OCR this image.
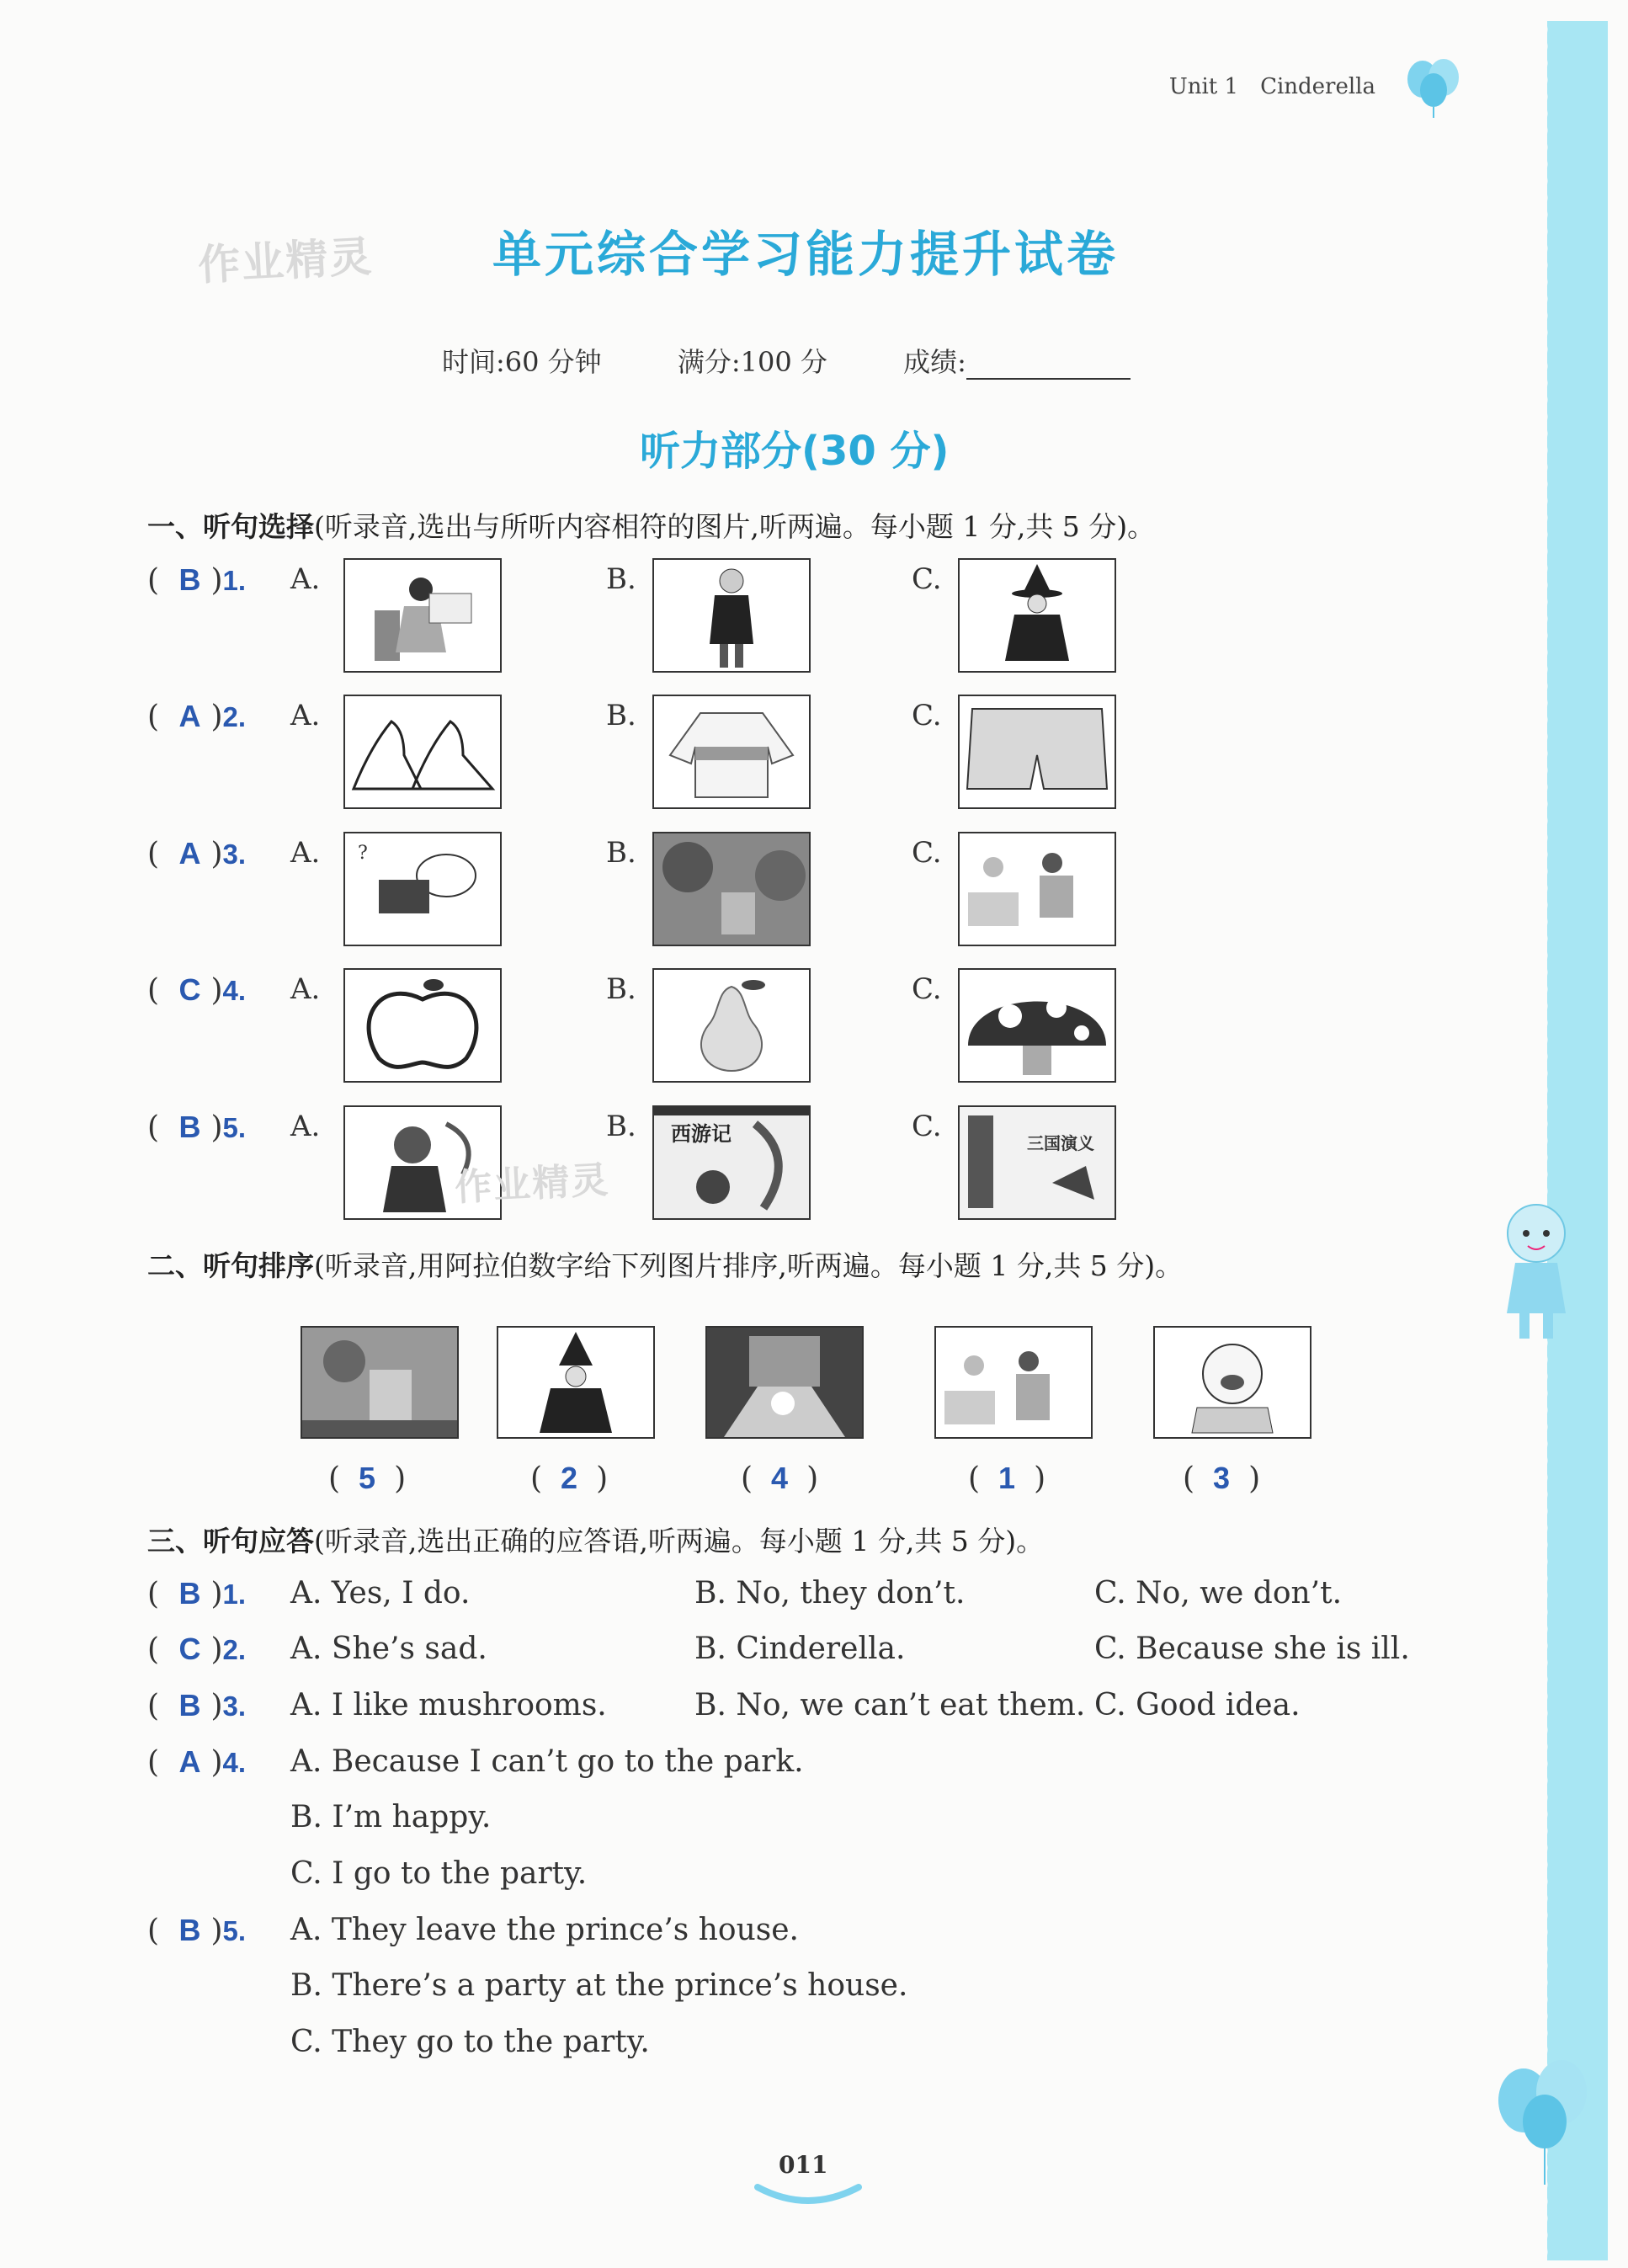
Unit 1 Cinderella
作业精灵 单元综合学习能力提升试卷
时间:60 分钟	满分:100 分	成绩:
听力部分(30 分)
一、听句选择(听录音,选出与所听内容相符的图片,听两遍。每小题 1 分,共 5 分)。
( B )1. A.	B.	C.
( A )2. A.	B.	C.
( A )3. A. ?	B.	C.
( C )4. A.	B.	C.
( B )5. A.	B. 西游记	C.	三国演义
作业精灵
二、听句排序(听录音,用阿拉伯数字给下列图片排序,听两遍。每小题 1 分,共 5 分)。
( 5 )	( 2 )	( 4 )	( 1 )	( 3 )
三、听句应答(听录音,选出正确的应答语,听两遍。每小题 1 分,共 5 分)。
( B )1. A. Yes, I do.	B. No, they don’t.	C. No, we don’t.
( C )2. A. She’s sad.	B. Cinderella.	C. Because she is ill.
( B )3. A. I like mushrooms.	B. No, we can’t eat them. C. Good idea.
( A )4. A. Because I can’t go to the park.
B. I’m happy.
C. I go to the party.
( B )5. A. They leave the prince’s house.
B. There’s a party at the prince’s house.
C. They go to the party.
011
